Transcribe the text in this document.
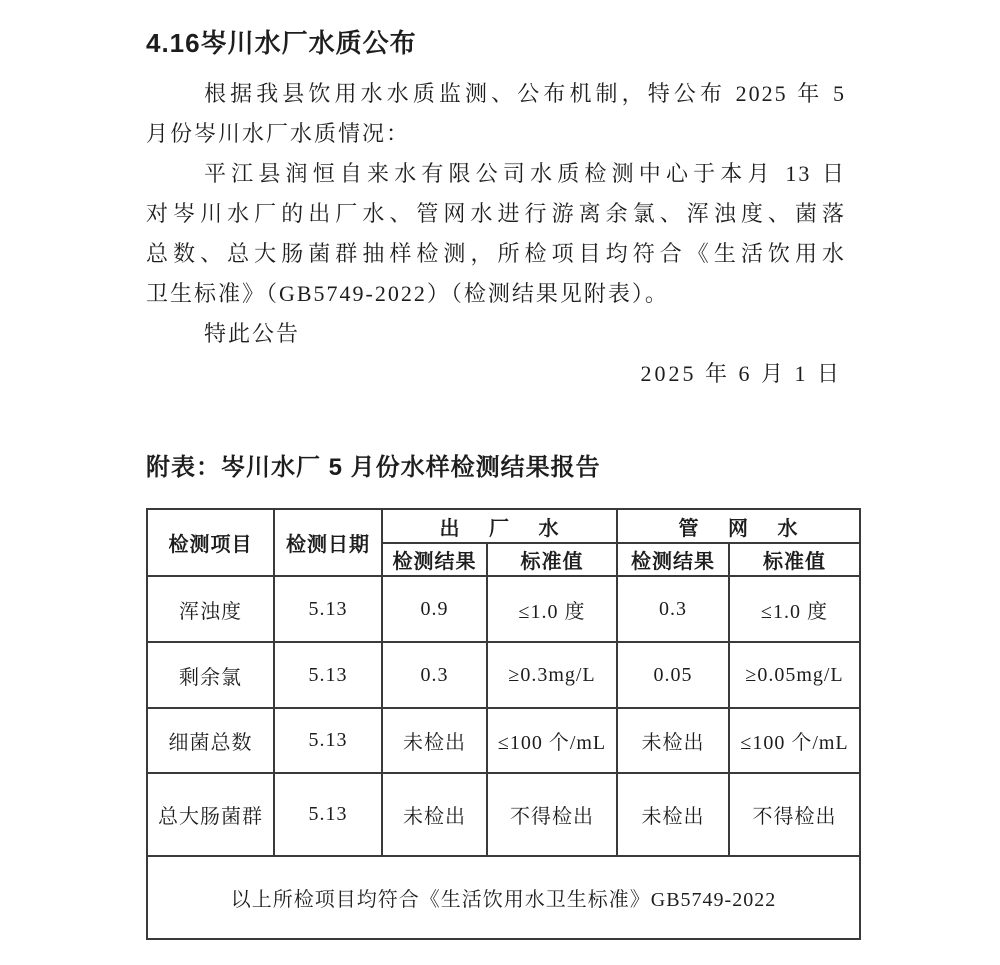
4.16岑川水厂水质公布
根据我县饮用水水质监测、公布机制，特公布 2025 年 5
月份岑川水厂水质情况：
平江县润恒自来水有限公司水质检测中心于本月 13 日
对岑川水厂的出厂水、管网水进行游离余氯、浑浊度、菌落
总数、总大肠菌群抽样检测，所检项目均符合《生活饮用水
卫生标准》（GB5749-2022）（检测结果见附表）。
特此公告
2025 年 6 月 1 日
附表：岑川水厂 5 月份水样检测结果报告
检测项目	检测日期	出 厂 水		管 网 水	
		检测结果	标准值	检测结果	标准值
浑浊度	5.13	0.9	≤1.0 度	0.3	≤1.0 度
剩余氯	5.13	0.3	≥0.3mg/L	0.05	≥0.05mg/L
细菌总数	5.13	未检出	≤100 个/mL	未检出	≤100 个/mL
总大肠菌群	5.13	未检出	不得检出	未检出	不得检出
以上所检项目均符合《生活饮用水卫生标准》GB5749-2022					
